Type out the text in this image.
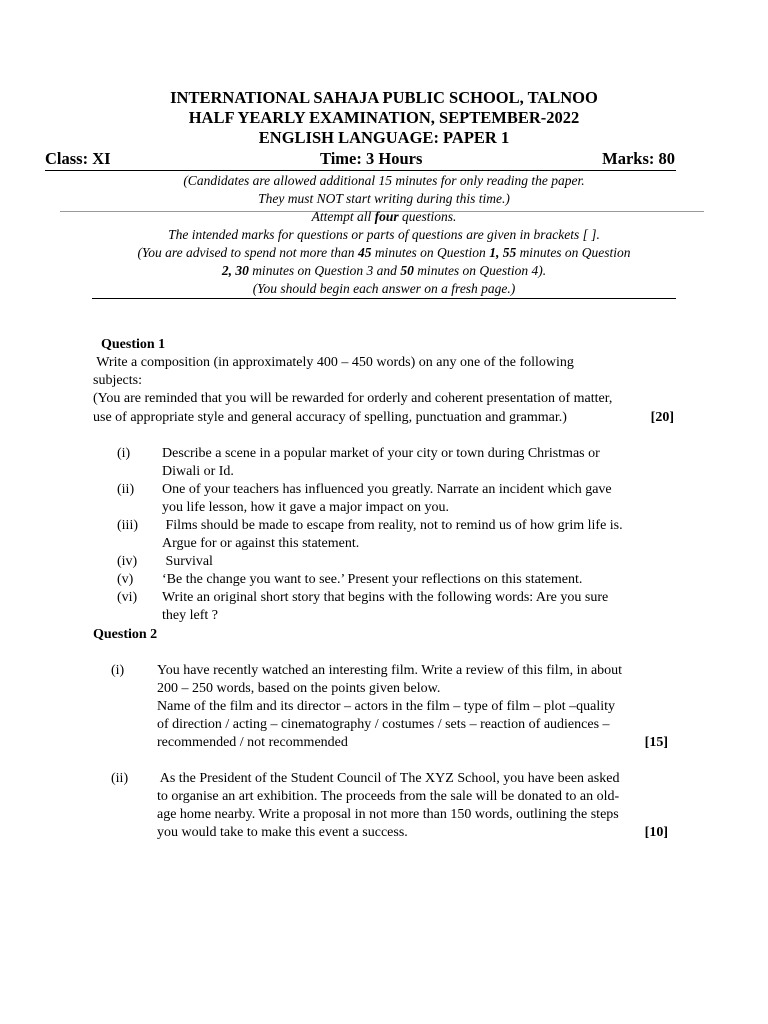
INTERNATIONAL SAHAJA PUBLIC SCHOOL, TALNOO
HALF YEARLY EXAMINATION, SEPTEMBER-2022
ENGLISH LANGUAGE: PAPER 1
Class: XI	Time: 3 Hours	Marks: 80
(Candidates are allowed additional 15 minutes for only reading the paper.
They must NOT start writing during this time.)
Attempt all four questions.
The intended marks for questions or parts of questions are given in brackets [ ].
(You are advised to spend not more than 45 minutes on Question 1, 55 minutes on Question
2, 30 minutes on Question 3 and 50 minutes on Question 4).
(You should begin each answer on a fresh page.)
Question 1
Write a composition (in approximately 400 – 450 words) on any one of the following
subjects:
(You are reminded that you will be rewarded for orderly and coherent presentation of matter,
use of appropriate style and general accuracy of spelling, punctuation and grammar.)	[20]
(i) Describe a scene in a popular market of your city or town during Christmas or
Diwali or Id.
(ii) One of your teachers has influenced you greatly. Narrate an incident which gave
you life lesson, how it gave a major impact on you.
(iii) Films should be made to escape from reality, not to remind us of how grim life is.
Argue for or against this statement.
(iv) Survival
(v) ‘Be the change you want to see.’ Present your reflections on this statement.
(vi) Write an original short story that begins with the following words: Are you sure
they left ?
Question 2
(i) You have recently watched an interesting film. Write a review of this film, in about
200 – 250 words, based on the points given below.
Name of the film and its director – actors in the film – type of film – plot –quality
of direction / acting – cinematography / costumes / sets – reaction of audiences –
recommended / not recommended	[15]
(ii) As the President of the Student Council of The XYZ School, you have been asked
to organise an art exhibition. The proceeds from the sale will be donated to an old-
age home nearby. Write a proposal in not more than 150 words, outlining the steps
you would take to make this event a success.	[10]
